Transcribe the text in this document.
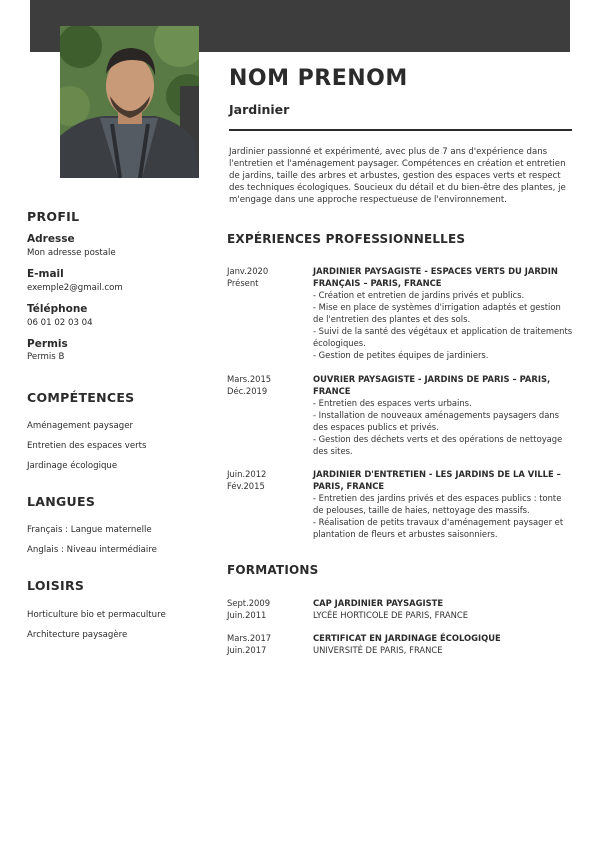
NOM PRENOM
Jardinier
Jardinier passionné et expérimenté, avec plus de 7 ans d'expérience dans l'entretien et l'aménagement paysager. Compétences en création et entretien de jardins, taille des arbres et arbustes, gestion des espaces verts et respect des techniques écologiques. Soucieux du détail et du bien-être des plantes, je m'engage dans une approche respectueuse de l'environnement.
PROFIL
Adresse
Mon adresse postale
E-mail
exemple2@gmail.com
Téléphone
06 01 02 03 04
Permis
Permis B
COMPÉTENCES
Aménagement paysager
Entretien des espaces verts
Jardinage écologique
LANGUES
Français : Langue maternelle
Anglais : Niveau intermédiaire
LOISIRS
Horticulture bio et permaculture
Architecture paysagère
EXPÉRIENCES PROFESSIONNELLES
Janv.2020
Présent
JARDINIER PAYSAGISTE - ESPACES VERTS DU JARDIN FRANÇAIS – PARIS, FRANCE
- Création et entretien de jardins privés et publics.
- Mise en place de systèmes d'irrigation adaptés et gestion de l'entretien des plantes et des sols.
- Suivi de la santé des végétaux et application de traitements écologiques.
- Gestion de petites équipes de jardiniers.
Mars.2015
Déc.2019
OUVRIER PAYSAGISTE - JARDINS DE PARIS – PARIS, FRANCE
- Entretien des espaces verts urbains.
- Installation de nouveaux aménagements paysagers dans des espaces publics et privés.
- Gestion des déchets verts et des opérations de nettoyage des sites.
Juin.2012
Fév.2015
JARDINIER D'ENTRETIEN - LES JARDINS DE LA VILLE – PARIS, FRANCE
- Entretien des jardins privés et des espaces publics : tonte de pelouses, taille de haies, nettoyage des massifs.
- Réalisation de petits travaux d'aménagement paysager et plantation de fleurs et arbustes saisonniers.
FORMATIONS
Sept.2009
Juin.2011
CAP JARDINIER PAYSAGISTE
LYCÉE HORTICOLE DE PARIS, FRANCE
Mars.2017
Juin.2017
CERTIFICAT EN JARDINAGE ÉCOLOGIQUE
UNIVERSITÉ DE PARIS, FRANCE
